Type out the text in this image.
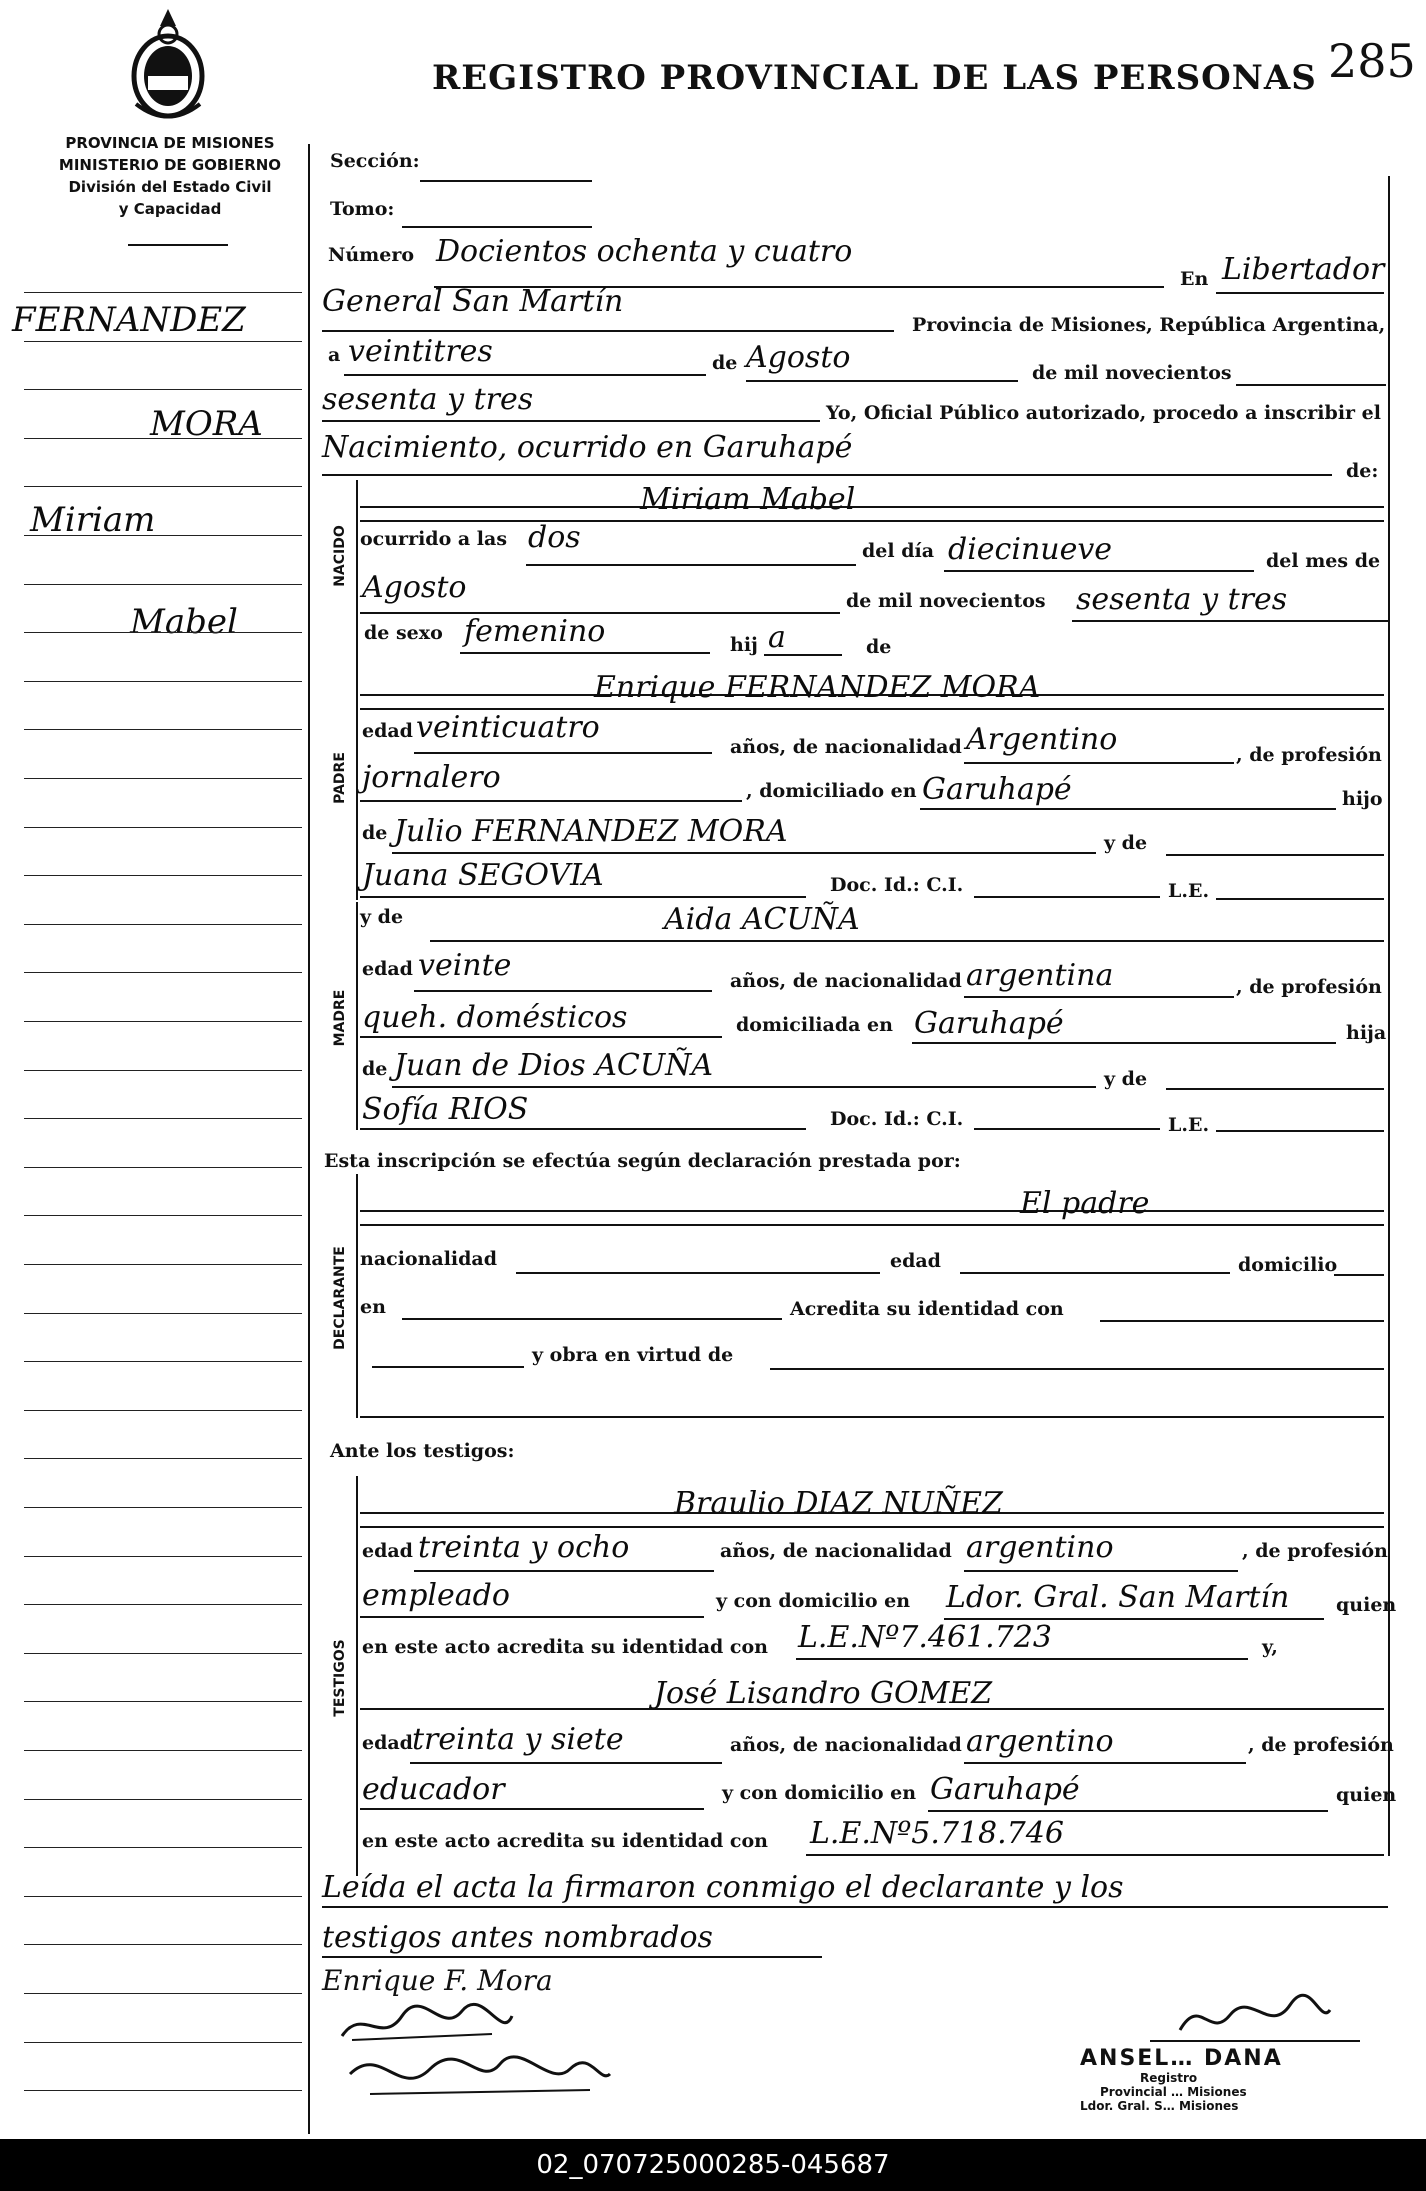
PROVINCIA DE MISIONES
MINISTERIO DE GOBIERNO
División del Estado Civil
y Capacidad
REGISTRO PROVINCIAL DE LAS PERSONAS 285
FERNANDEZ
MORA
Miriam
Mabel
Sección:
Tomo:
Número Docientos ochenta y cuatro
En Libertador
General San Martín
Provincia de Misiones, República Argentina,
a veintitres	de Agosto	de mil novecientos
sesenta y tres	Yo, Oficial Público autorizado, procedo a inscribir el
Nacimiento, ocurrido en Garuhapé
de:
NACIDO
Miriam Mabel
ocurrido a las dos	del día diecinueve	del mes de
Agosto	de mil novecientos sesenta y tres
de sexo femenino	hij a	de
PADRE
Enrique FERNANDEZ MORA
edad veinticuatro
años, de nacionalidad Argentino	, de profesión
jornalero	, domiciliado en Garuhapé	hijo
de Julio FERNANDEZ MORA	y de
Juana SEGOVIA	Doc. Id.: C.I.	L.E.
MADRE
y de	Aida ACUÑA
edad veinte	años, de nacionalidad argentina	, de profesión
queh. domésticos	domiciliada en Garuhapé	hija
de Juan de Dios ACUÑA	y de
Sofía RIOS	Doc. Id.: C.I.	L.E.
Esta inscripción se efectúa según declaración prestada por:
DECLARANTE
El padre
nacionalidad	edad	domicilio
en	Acredita su identidad con
y obra en virtud de
Ante los testigos:
TESTIGOS
Braulio DIAZ NUÑEZ
edad treinta y ocho	años, de nacionalidad argentino	, de profesión
empleado	y con domicilio en Ldor. Gral. San Martín quien
en este acto acredita su identidad con L.E.Nº7.461.723	y,
José Lisandro GOMEZ
edad treinta y siete	años, de nacionalidad argentino	, de profesión
educador	y con domicilio en Garuhapé	quien
en este acto acredita su identidad con L.E.Nº5.718.746
Leída el acta la firmaron conmigo el declarante y los
testigos antes nombrados
Enrique F. Mora
ANSEL… DANA
Registro
Provincial … Misiones
Ldor. Gral. S… Misiones
02_070725000285-045687
